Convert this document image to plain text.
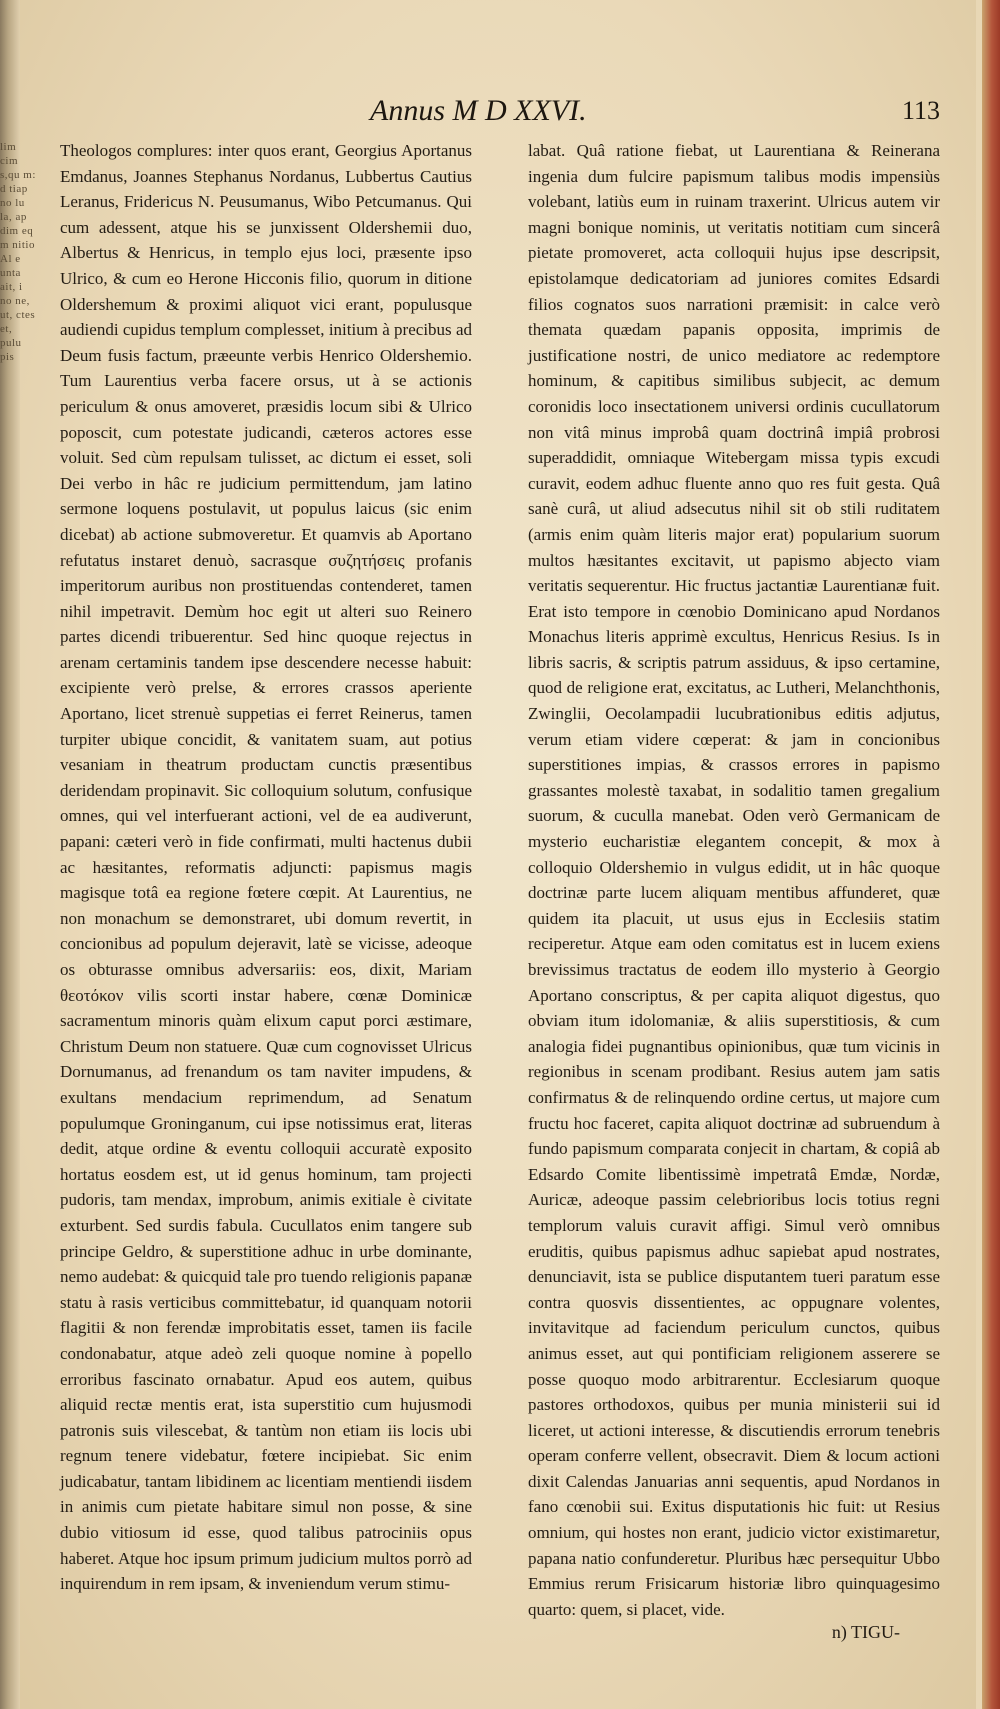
lim cim s,qu m: d tiap no lu la, ap dim eq m nitio Al e unta ait, i no ne, ut, ctes et, pulu pis
Annus M D XXVI.	113

Theologos complures: inter quos erant, Georgius Aportanus Emdanus, Joannes Stephanus Nordanus, Lubbertus Cautius Leranus, Fridericus N. Peusumanus, Wibo Petcumanus. Qui cum adessent, atque his se junxissent Oldershemii duo, Albertus & Henricus, in templo ejus loci, præsente ipso Ulrico, & cum eo Herone Hicconis filio, quorum in ditione Oldershemum & proximi aliquot vici erant, populusque audiendi cupidus templum complesset, initium à precibus ad Deum fusis factum, præeunte verbis Henrico Oldershemio. Tum Laurentius verba facere orsus, ut à se actionis periculum & onus amoveret, præsidis locum sibi & Ulrico poposcit, cum potestate judicandi, cæteros actores esse voluit. Sed cùm repulsam tulisset, ac dictum ei esset, soli Dei verbo in hâc re judicium permittendum, jam latino sermone loquens postulavit, ut populus laicus (sic enim dicebat) ab actione submoveretur. Et quamvis ab Aportano refutatus instaret denuò, sacrasque συζητήσεις profanis imperitorum auribus non prostituendas contenderet, tamen nihil impetravit. Demùm hoc egit ut alteri suo Reinero partes dicendi tribuerentur. Sed hinc quoque rejectus in arenam certaminis tandem ipse descendere necesse habuit: excipiente verò prelse, & errores crassos aperiente Aportano, licet strenuè suppetias ei ferret Reinerus, tamen turpiter ubique concidit, & vanitatem suam, aut potius vesaniam in theatrum productam cunctis præsentibus deridendam propinavit. Sic colloquium solutum, confusique omnes, qui vel interfuerant actioni, vel de ea audiverunt, papani: cæteri verò in fide confirmati, multi hactenus dubii ac hæsitantes, reformatis adjuncti: papismus magis magisque totâ ea regione fœtere cœpit. At Laurentius, ne non monachum se demonstraret, ubi domum revertit, in concionibus ad populum dejeravit, latè se vicisse, adeoque os obturasse omnibus adversariis: eos, dixit, Mariam θεοτόκον vilis scorti instar habere, cœnæ Dominicæ sacramentum minoris quàm elixum caput porci æstimare, Christum Deum non statuere. Quæ cum cognovisset Ulricus Dornumanus, ad frenandum os tam naviter impudens, & exultans mendacium reprimendum, ad Senatum populumque Groninganum, cui ipse notissimus erat, literas dedit, atque ordine & eventu colloquii accuratè exposito hortatus eosdem est, ut id genus hominum, tam projecti pudoris, tam mendax, improbum, animis exitiale è civitate exturbent. Sed surdis fabula. Cucullatos enim tangere sub principe Geldro, & superstitione adhuc in urbe dominante, nemo audebat: & quicquid tale pro tuendo religionis papanæ statu à rasis verticibus committebatur, id quanquam notorii flagitii & non ferendæ improbitatis esset, tamen iis facile condonabatur, atque adeò zeli quoque nomine à popello erroribus fascinato ornabatur. Apud eos autem, quibus aliquid rectæ mentis erat, ista superstitio cum hujusmodi patronis suis vilescebat, & tantùm non etiam iis locis ubi regnum tenere videbatur, fœtere incipiebat. Sic enim judicabatur, tantam libidinem ac licentiam mentiendi iisdem in animis cum pietate habitare simul non posse, & sine dubio vitiosum id esse, quod talibus patrociniis opus haberet. Atque hoc ipsum primum judicium multos porrò ad inquirendum in rem ipsam, & inveniendum verum stimu-

labat. Quâ ratione fiebat, ut Laurentiana & Reinerana ingenia dum fulcire papismum talibus modis impensiùs volebant, latiùs eum in ruinam traxerint. Ulricus autem vir magni bonique nominis, ut veritatis notitiam cum sincerâ pietate promoveret, acta colloquii hujus ipse descripsit, epistolamque dedicatoriam ad juniores comites Edsardi filios cognatos suos narrationi præmisit: in calce verò themata quædam papanis opposita, imprimis de justificatione nostri, de unico mediatore ac redemptore hominum, & capitibus similibus subjecit, ac demum coronidis loco insectationem universi ordinis cucullatorum non vitâ minus improbâ quam doctrinâ impiâ probrosi superaddidit, omniaque Witebergam missa typis excudi curavit, eodem adhuc fluente anno quo res fuit gesta. Quâ sanè curâ, ut aliud adsecutus nihil sit ob stili ruditatem (armis enim quàm literis major erat) popularium suorum multos hæsitantes excitavit, ut papismo abjecto viam veritatis sequerentur. Hic fructus jactantiæ Laurentianæ fuit. Erat isto tempore in cœnobio Dominicano apud Nordanos Monachus literis apprimè excultus, Henricus Resius. Is in libris sacris, & scriptis patrum assiduus, & ipso certamine, quod de religione erat, excitatus, ac Lutheri, Melanchthonis, Zwinglii, Oecolampadii lucubrationibus editis adjutus, verum etiam videre cœperat: & jam in concionibus superstitiones impias, & crassos errores in papismo grassantes molestè taxabat, in sodalitio tamen gregalium suorum, & cuculla manebat. Oden verò Germanicam de mysterio eucharistiæ elegantem concepit, & mox à colloquio Oldershemio in vulgus edidit, ut in hâc quoque doctrinæ parte lucem aliquam mentibus affunderet, quæ quidem ita placuit, ut usus ejus in Ecclesiis statim reciperetur. Atque eam oden comitatus est in lucem exiens brevissimus tractatus de eodem illo mysterio à Georgio Aportano conscriptus, & per capita aliquot digestus, quo obviam itum idolomaniæ, & aliis superstitiosis, & cum analogia fidei pugnantibus opinionibus, quæ tum vicinis in regionibus in scenam prodibant. Resius autem jam satis confirmatus & de relinquendo ordine certus, ut majore cum fructu hoc faceret, capita aliquot doctrinæ ad subruendum à fundo papismum comparata conjecit in chartam, & copiâ ab Edsardo Comite libentissimè impetratâ Emdæ, Nordæ, Auricæ, adeoque passim celebrioribus locis totius regni templorum valuis curavit affigi. Simul verò omnibus eruditis, quibus papismus adhuc sapiebat apud nostrates, denunciavit, ista se publice disputantem tueri paratum esse contra quosvis dissentientes, ac oppugnare volentes, invitavitque ad faciendum periculum cunctos, quibus animus esset, aut qui pontificiam religionem asserere se posse quoquo modo arbitrarentur. Ecclesiarum quoque pastores orthodoxos, quibus per munia ministerii sui id liceret, ut actioni interesse, & discutiendis errorum tenebris operam conferre vellent, obsecravit. Diem & locum actioni dixit Calendas Januarias anni sequentis, apud Nordanos in fano cœnobii sui. Exitus disputationis hic fuit: ut Resius omnium, qui hostes non erant, judicio victor existimaretur, papana natio confunderetur. Pluribus hæc persequitur Ubbo Emmius rerum Frisicarum historiæ libro quinquagesimo quarto: quem, si placet, vide.

n) TIGU-
